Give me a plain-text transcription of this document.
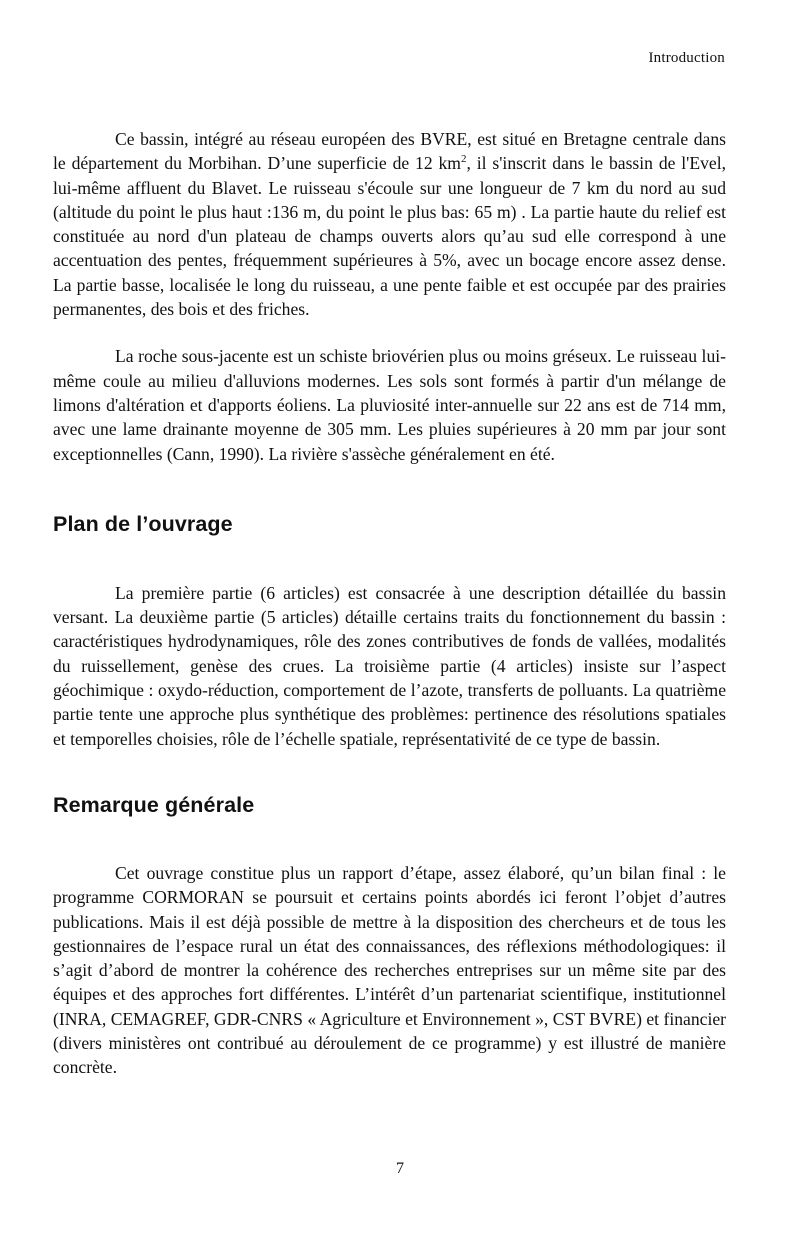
Introduction

Ce bassin, intégré au réseau européen des BVRE, est situé en Bretagne centrale dans le département du Morbihan. D’une superficie de 12 $km^2$, il s'inscrit dans le bassin de l'Evel, lui-même affluent du Blavet. Le ruisseau s'écoule sur une longueur de 7 km du nord au sud (altitude du point le plus haut :136 m, du point le plus bas: 65 m) . La partie haute du relief est constituée au nord d'un plateau de champs ouverts alors qu’au sud elle correspond à une accentuation des pentes, fréquemment supérieures à 5%, avec un bocage encore assez dense. La partie basse, localisée le long du ruisseau, a une pente faible et est occupée par des prairies permanentes, des bois et des friches.

La roche sous-jacente est un schiste briovérien plus ou moins gréseux. Le ruisseau lui-même coule au milieu d'alluvions modernes. Les sols sont formés à partir d'un mélange de limons d'altération et d'apports éoliens. La pluviosité inter-annuelle sur 22 ans est de 714 mm, avec une lame drainante moyenne de 305 mm. Les pluies supérieures à 20 mm par jour sont exceptionnelles (Cann, 1990). La rivière s'assèche généralement en été.

Plan de l’ouvrage

La première partie (6 articles) est consacrée à une description détaillée du bassin versant. La deuxième partie (5 articles) détaille certains traits du fonctionnement du bassin : caractéristiques hydrodynamiques, rôle des zones contributives de fonds de vallées, modalités du ruissellement, genèse des crues. La troisième partie (4 articles) insiste sur l’aspect géochimique : oxydo-réduction, comportement de l’azote, transferts de polluants. La quatrième partie tente une approche plus synthétique des problèmes: pertinence des résolutions spatiales et temporelles choisies, rôle de l’échelle spatiale, représentativité de ce type de bassin.

Remarque générale

Cet ouvrage constitue plus un rapport d’étape, assez élaboré, qu’un bilan final : le programme CORMORAN se poursuit et certains points abordés ici feront l’objet d’autres publications. Mais il est déjà possible de mettre à la disposition des chercheurs et de tous les gestionnaires de l’espace rural un état des connaissances, des réflexions méthodologiques: il s’agit d’abord de montrer la cohérence des recherches entreprises sur un même site par des équipes et des approches fort différentes. L’intérêt d’un partenariat scientifique, institutionnel (INRA, CEMAGREF, GDR-CNRS « Agriculture et Environnement », CST BVRE) et financier (divers ministères ont contribué au déroulement de ce programme) y est illustré de manière concrète.

7
